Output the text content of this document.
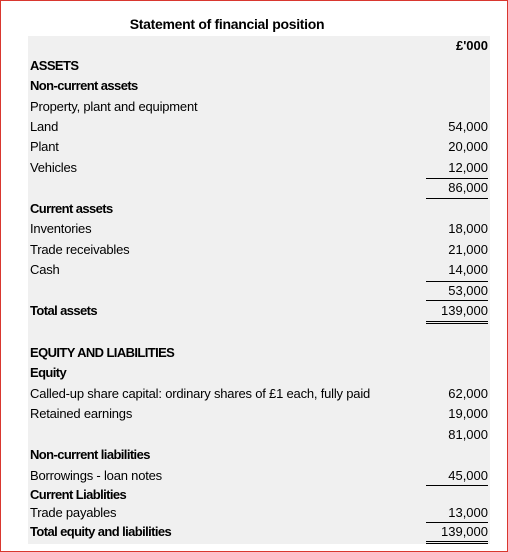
Statement of financial position
£'000
ASSETS
Non-current assets
Property, plant and equipment
Land	54,000
Plant	20,000
Vehicles	12,000
86,000
Current assets
Inventories	18,000
Trade receivables	21,000
Cash	14,000
53,000
Total assets	139,000
EQUITY AND LIABILITIES
Equity
Called-up share capital: ordinary shares of £1 each, fully paid	62,000
Retained earnings	19,000
81,000
Non-current liabilities
Borrowings - loan notes	45,000
Current Liablities
Trade payables	13,000
Total equity and liabilities	139,000
